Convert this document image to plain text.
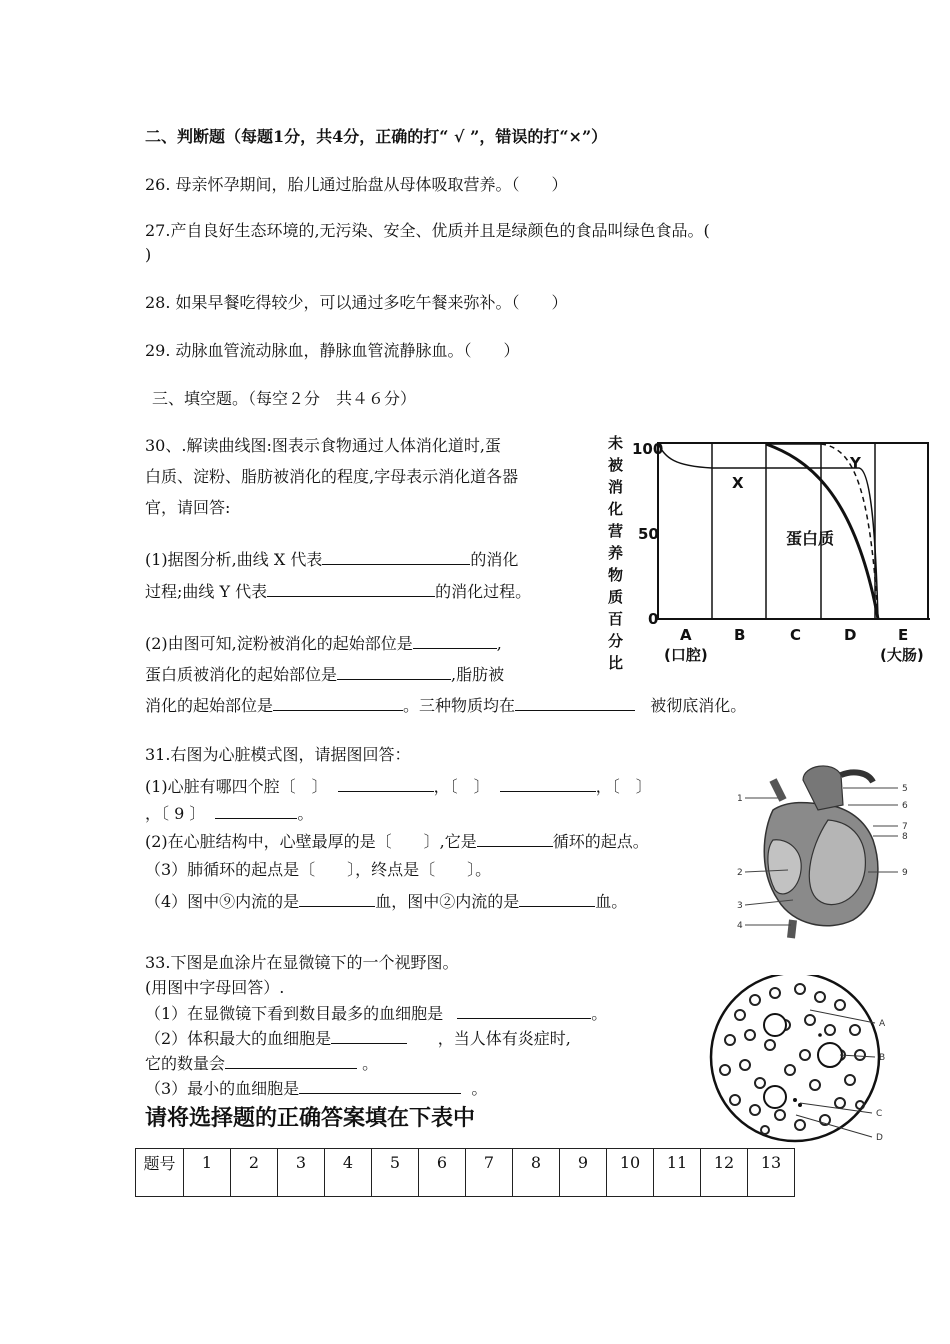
二、判断题（每题1分，共4分，正确的打“ √ ”，错误的打“×”）
26. 母亲怀孕期间，胎儿通过胎盘从母体吸取营养。（　　）
27.产自良好生态环境的,无污染、安全、优质并且是绿颜色的食品叫绿色食品。(
)
28. 如果早餐吃得较少，可以通过多吃午餐来弥补。（　　）
29. 动脉血管流动脉血，静脉血管流静脉血。（　　）
三、填空题。（每空２分　共４６分）
30、.解读曲线图:图表示食物通过人体消化道时,蛋
白质、淀粉、脂肪被消化的程度,字母表示消化道各器
官，请回答:
(1)据图分析,曲线 X 代表	的消化
过程;曲线 Y 代表	的消化过程。
(2)由图可知,淀粉被消化的起始部位是	,
蛋白质被消化的起始部位是	,脂肪被
消化的起始部位是	。三种物质均在	被彻底消化。
未
被
消
化
营
养
物
质
百
分
比
100
50
0
X
Y
蛋白质
A	B	C	D	E
(口腔)	(大肠)
31.右图为心脏模式图，请据图回答：
(1)心脏有哪四个腔〔　〕	，〔　〕	，〔　〕
，〔 9 〕	。
(2)在心脏结构中，心壁最厚的是〔　　〕,它是	循环的起点。
（3）肺循环的起点是〔　　〕，终点是〔　　〕。
（4）图中⑨内流的是	血，图中②内流的是	血。
1
2
3
4
5
6
7
8
9
33.下图是血涂片在显微镜下的一个视野图。
(用图中字母回答）.
（1）在显微镜下看到数目最多的血细胞是	。
（2）体积最大的血细胞是	，当人体有炎症时,
它的数量会	。
（3）最小的血细胞是	。
A
B
C
D
请将选择题的正确答案填在下表中
题号	1	2	3	4	5	6	7	8	9	10	11	12	13
